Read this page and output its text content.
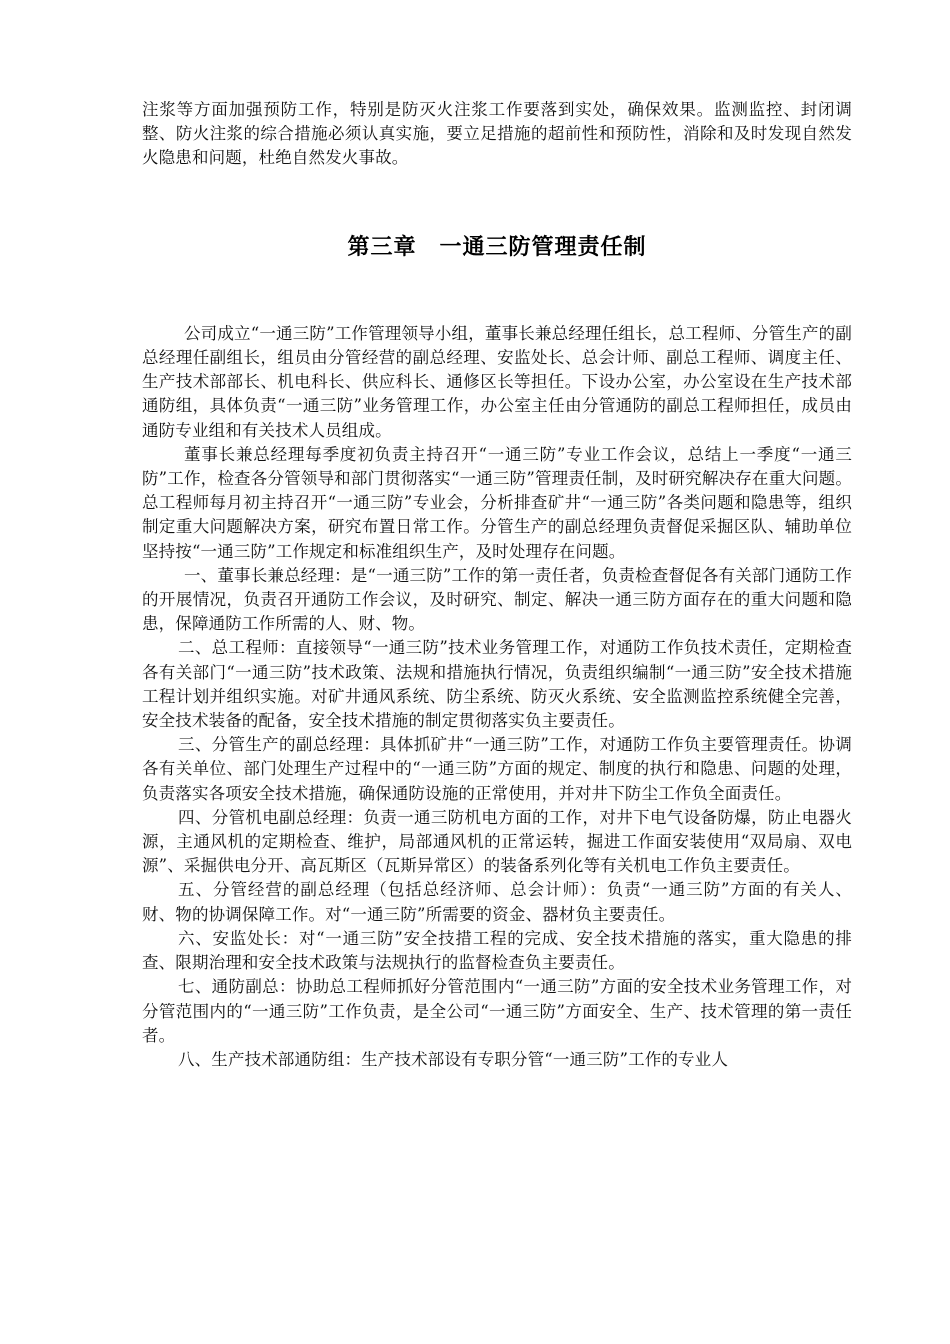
注浆等方面加强预防工作，特别是防灭火注浆工作要落到实处，确保效果。监测监控、封闭调整、防火注浆的综合措施必须认真实施，要立足措施的超前性和预防性，消除和及时发现自然发火隐患和问题，杜绝自然发火事故。

第三章　一通三防管理责任制

公司成立“一通三防”工作管理领导小组，董事长兼总经理任组长，总工程师、分管生产的副总经理任副组长，组员由分管经营的副总经理、安监处长、总会计师、副总工程师、调度主任、生产技术部部长、机电科长、供应科长、通修区长等担任。下设办公室，办公室设在生产技术部通防组，具体负责“一通三防”业务管理工作，办公室主任由分管通防的副总工程师担任，成员由通防专业组和有关技术人员组成。

董事长兼总经理每季度初负责主持召开“一通三防”专业工作会议，总结上一季度“一通三防”工作，检查各分管领导和部门贯彻落实“一通三防”管理责任制，及时研究解决存在重大问题。总工程师每月初主持召开“一通三防”专业会，分析排查矿井“一通三防”各类问题和隐患等，组织制定重大问题解决方案，研究布置日常工作。分管生产的副总经理负责督促采掘区队、辅助单位坚持按“一通三防”工作规定和标准组织生产，及时处理存在问题。

一、董事长兼总经理：是“一通三防”工作的第一责任者，负责检查督促各有关部门通防工作的开展情况，负责召开通防工作会议，及时研究、制定、解决一通三防方面存在的重大问题和隐患，保障通防工作所需的人、财、物。

二、总工程师：直接领导“一通三防”技术业务管理工作，对通防工作负技术责任，定期检查各有关部门“一通三防”技术政策、法规和措施执行情况，负责组织编制“一通三防”安全技术措施工程计划并组织实施。对矿井通风系统、防尘系统、防灭火系统、安全监测监控系统健全完善，安全技术装备的配备，安全技术措施的制定贯彻落实负主要责任。

三、分管生产的副总经理：具体抓矿井“一通三防”工作，对通防工作负主要管理责任。协调各有关单位、部门处理生产过程中的“一通三防”方面的规定、制度的执行和隐患、问题的处理，负责落实各项安全技术措施，确保通防设施的正常使用，并对井下防尘工作负全面责任。

四、分管机电副总经理：负责一通三防机电方面的工作，对井下电气设备防爆，防止电器火源，主通风机的定期检查、维护，局部通风机的正常运转，掘进工作面安装使用“双局扇、双电源”、采掘供电分开、高瓦斯区（瓦斯异常区）的装备系列化等有关机电工作负主要责任。

五、分管经营的副总经理（包括总经济师、总会计师）：负责“一通三防”方面的有关人、财、物的协调保障工作。对“一通三防”所需要的资金、器材负主要责任。

六、安监处长：对“一通三防”安全技措工程的完成、安全技术措施的落实，重大隐患的排查、限期治理和安全技术政策与法规执行的监督检查负主要责任。

七、通防副总：协助总工程师抓好分管范围内“一通三防”方面的安全技术业务管理工作，对分管范围内的“一通三防”工作负责，是全公司“一通三防”方面安全、生产、技术管理的第一责任者。

八、生产技术部通防组：生产技术部设有专职分管“一通三防”工作的专业人
